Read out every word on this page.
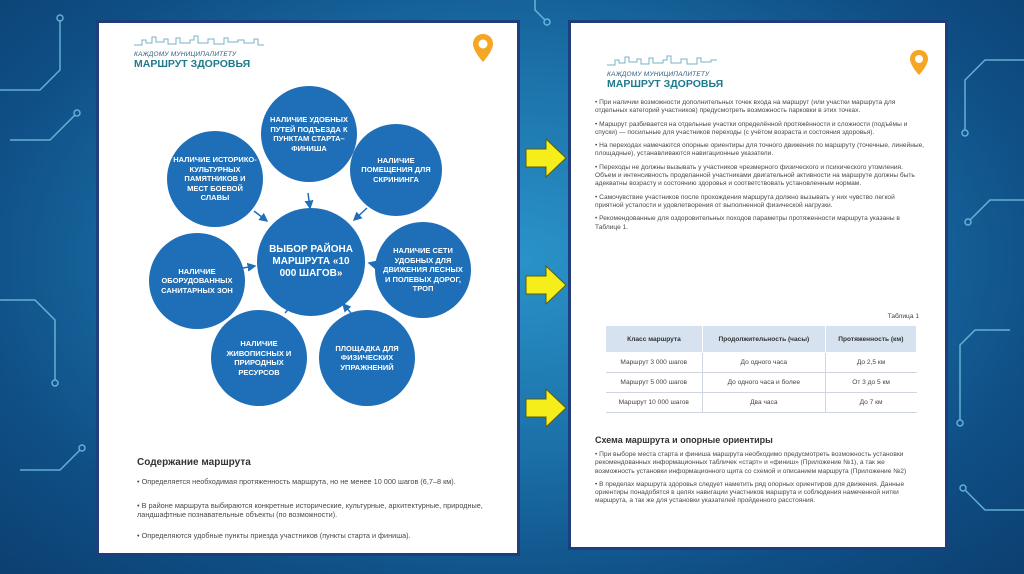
КАЖДОМУ МУНИЦИПАЛИТЕТУ
МАРШРУТ ЗДОРОВЬЯ
ВЫБОР РАЙОНА МАРШРУТА «10 000 ШАГОВ»
НАЛИЧИЕ УДОБНЫХ ПУТЕЙ ПОДЪЕЗДА К ПУНКТАМ СТАРТА–ФИНИША
НАЛИЧИЕ ПОМЕЩЕНИЯ ДЛЯ СКРИНИНГА
НАЛИЧИЕ СЕТИ УДОБНЫХ ДЛЯ ДВИЖЕНИЯ ЛЕСНЫХ И ПОЛЕВЫХ ДОРОГ, ТРОП
ПЛОЩАДКА ДЛЯ ФИЗИЧЕСКИХ УПРАЖНЕНИЙ
НАЛИЧИЕ ЖИВОПИСНЫХ И ПРИРОДНЫХ РЕСУРСОВ
НАЛИЧИЕ ОБОРУДОВАННЫХ САНИТАРНЫХ ЗОН
НАЛИЧИЕ ИСТОРИКО-КУЛЬТУРНЫХ ПАМЯТНИКОВ И МЕСТ БОЕВОЙ СЛАВЫ
Содержание маршрута
• Определяется необходимая протяженность маршрута, но не менее 10 000 шагов (6,7–8 км).
• В районе маршрута выбираются конкретные исторические, культурные, архитектурные, природные, ландшафтные познавательные объекты (по возможности).
• Определяются удобные пункты приезда участников (пункты старта и финиша).
КАЖДОМУ МУНИЦИПАЛИТЕТУ
МАРШРУТ ЗДОРОВЬЯ
• При наличии возможности дополнительных точек входа на маршрут (или участки маршрута для отдельных категорий участников) предусмотреть возможность парковки в этих точках.
• Маршрут разбивается на отдельные участки определённой протяжённости и сложности (подъёмы и спуски) — посильные для участников переходы (с учётом возраста и состояния здоровья).
• На переходах намечаются опорные ориентиры для точного движения по маршруту (точечные, линейные, площадные), устанавливаются навигационные указатели.
• Переходы не должны вызывать у участников чрезмерного физического и психического утомления. Объем и интенсивность проделанной участниками двигательной активности на маршруте должны быть адекватны возрасту и состоянию здоровья и соответствовать установленным нормам.
• Самочувствие участников после прохождения маршрута должно вызывать у них чувство легкой приятной усталости и удовлетворения от выполненной физической нагрузки.
• Рекомендованные для оздоровительных походов параметры протяженности маршрута указаны в Таблице 1.
Таблица 1
Класс маршрута	Продолжительность (часы)	Протяженность (км)
Маршрут 3 000 шагов	До одного часа	До 2,5 км
Маршрут 5 000 шагов	До одного часа и более	От 3 до 5 км
Маршрут 10 000 шагов	Два часа	До 7 км
Схема маршрута и опорные ориентиры
• При выборе места старта и финиша маршрута необходимо предусмотреть возможность установки рекомендованных информационных табличек «старт» и «финиш» (Приложение №1), а так же возможность установки информационного щита со схемой и описанием маршрута (Приложение №2)
• В пределах маршрута здоровья следует наметить ряд опорных ориентиров для движения. Данные ориентиры понадобятся в целях навигации участников маршрута и соблюдения намеченной нитки маршрута, а так же для установки указателей пройденного расстояния.
